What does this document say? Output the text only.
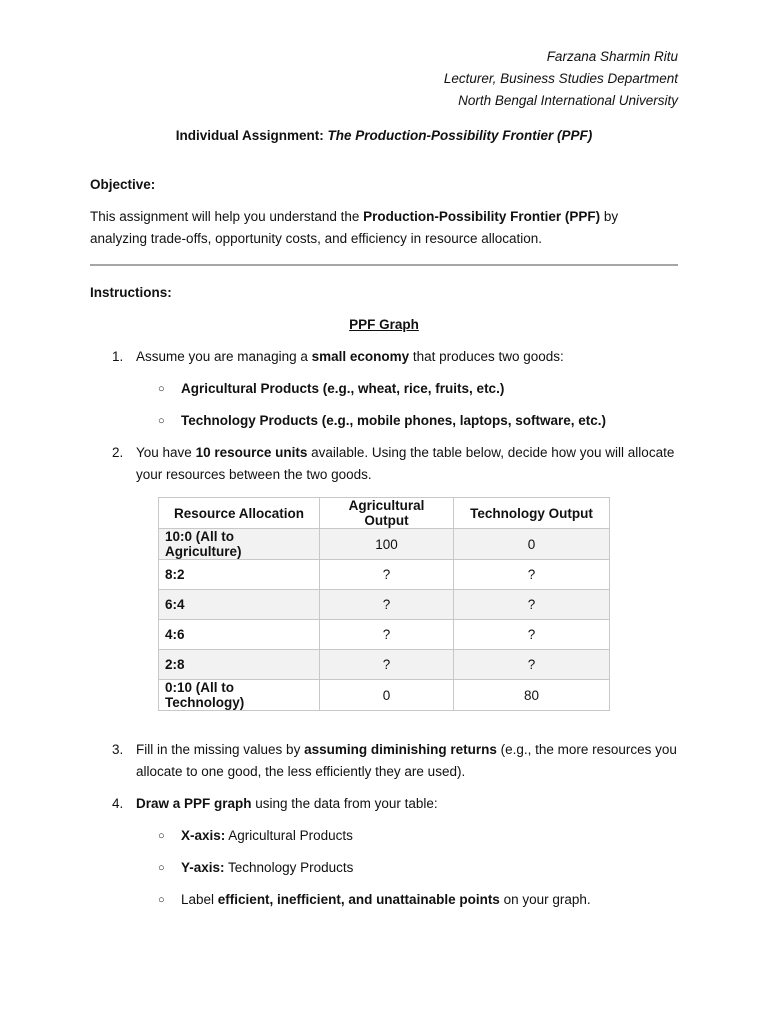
Farzana Sharmin Ritu
Lecturer, Business Studies Department
North Bengal International University
Individual Assignment: The Production-Possibility Frontier (PPF)
Objective:
This assignment will help you understand the Production-Possibility Frontier (PPF) by analyzing trade-offs, opportunity costs, and efficiency in resource allocation.
Instructions:
PPF Graph
1. Assume you are managing a small economy that produces two goods:
○ Agricultural Products (e.g., wheat, rice, fruits, etc.)
○ Technology Products (e.g., mobile phones, laptops, software, etc.)
2. You have 10 resource units available. Using the table below, decide how you will allocate your resources between the two goods.
Resource Allocation	Agricultural Output	Technology Output
10:0 (All to Agriculture)	100	0
8:2	?	?
6:4	?	?
4:6	?	?
2:8	?	?
0:10 (All to Technology)	0	80
3. Fill in the missing values by assuming diminishing returns (e.g., the more resources you allocate to one good, the less efficiently they are used).
4. Draw a PPF graph using the data from your table:
○ X-axis: Agricultural Products
○ Y-axis: Technology Products
○ Label efficient, inefficient, and unattainable points on your graph.
